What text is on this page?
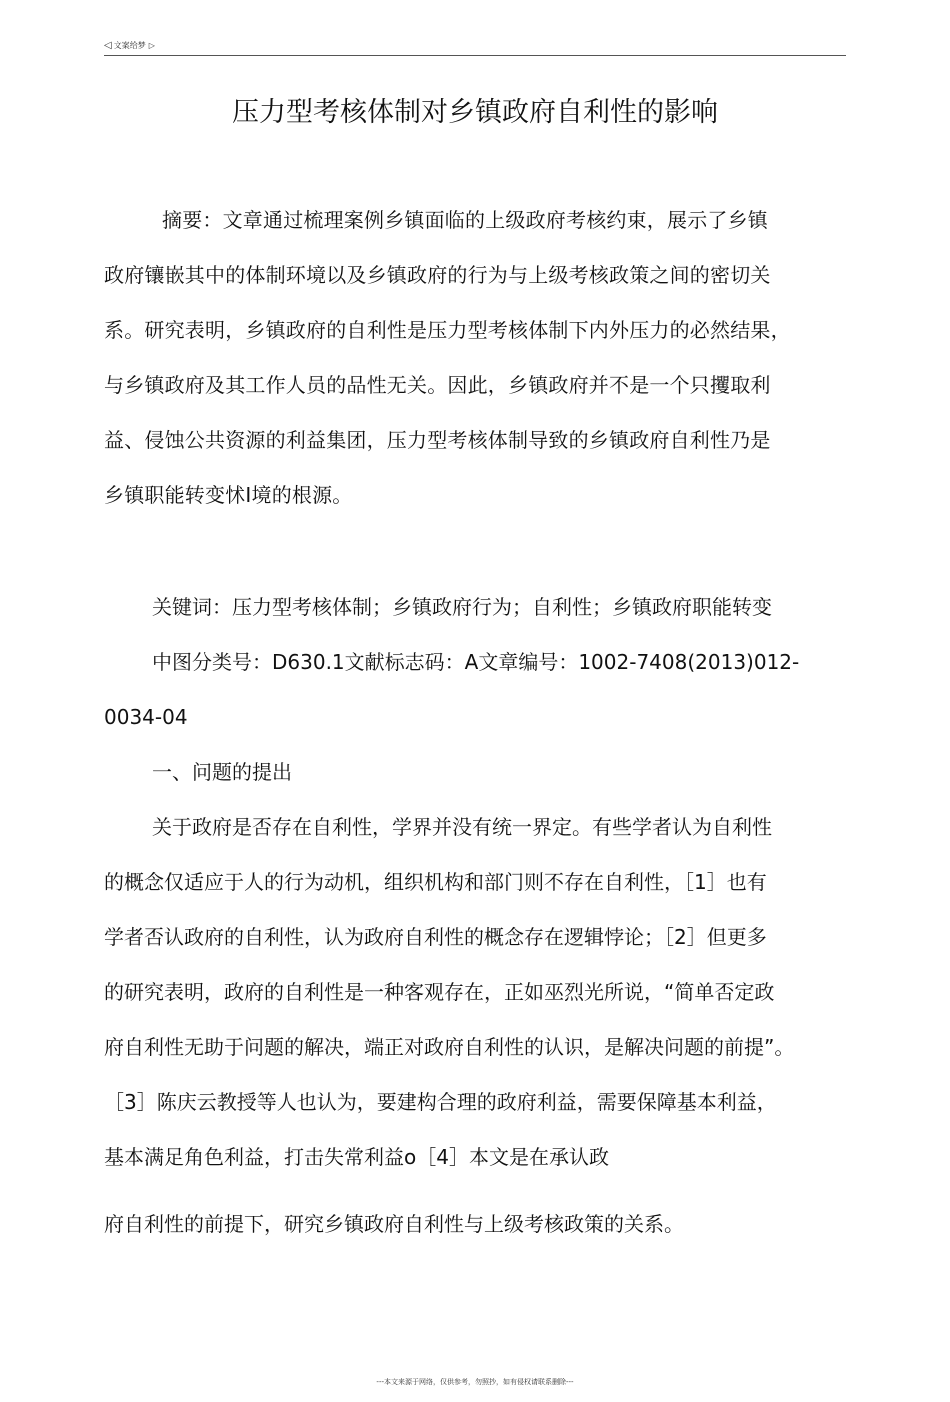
◁ 文案给梦 ▷
压力型考核体制对乡镇政府自利性的影响
摘要：文章通过梳理案例乡镇面临的上级政府考核约束，展示了乡镇
政府镶嵌其中的体制环境以及乡镇政府的行为与上级考核政策之间的密切关
系。研究表明，乡镇政府的自利性是压力型考核体制下内外压力的必然结果，
与乡镇政府及其工作人员的品性无关。因此，乡镇政府并不是一个只攫取利
益、侵蚀公共资源的利益集团，压力型考核体制导致的乡镇政府自利性乃是
乡镇职能转变怵I境的根源。
关键词：压力型考核体制；乡镇政府行为；自利性；乡镇政府职能转变
中图分类号：D630.1文献标志码：A文章编号：1002-7408(2013)012-
0034-04
一、问题的提出
关于政府是否存在自利性，学界并没有统一界定。有些学者认为自利性
的概念仅适应于人的行为动机，组织机构和部门则不存在自利性，［1］也有
学者否认政府的自利性，认为政府自利性的概念存在逻辑悖论；［2］但更多
的研究表明，政府的自利性是一种客观存在，正如巫烈光所说，“简单否定政
府自利性无助于问题的解决，端正对政府自利性的认识，是解决问题的前提”。
［3］陈庆云教授等人也认为，要建构合理的政府利益，需要保障基本利益，
基本满足角色利益，打击失常利益o［4］本文是在承认政
府自利性的前提下，研究乡镇政府自利性与上级考核政策的关系。
---本文来源于网络，仅供参考，勿照抄，如有侵权请联系删除---
